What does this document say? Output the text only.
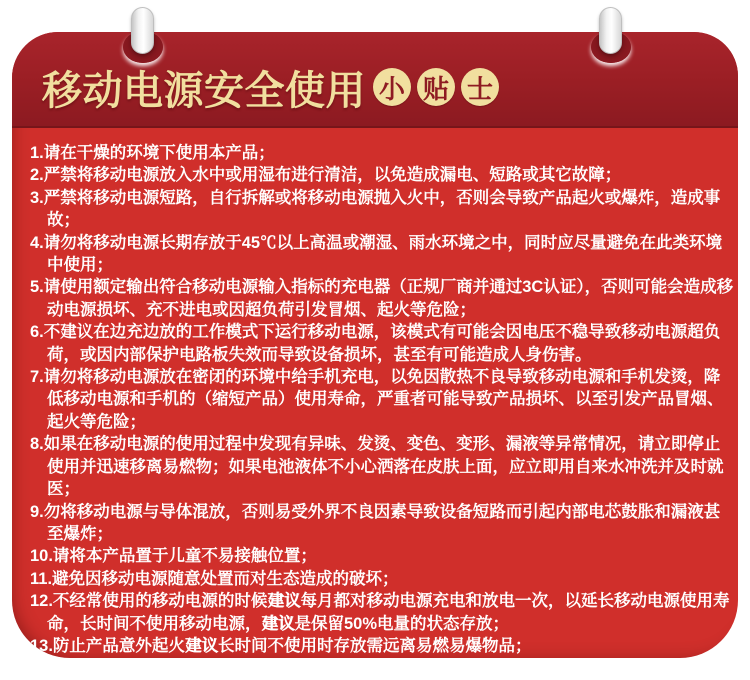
移动电源安全使用 小 贴 士
1.请在干燥的环境下使用本产品；
2.严禁将移动电源放入水中或用湿布进行清洁，以免造成漏电、短路或其它故障；
3.严禁将移动电源短路，自行拆解或将移动电源抛入火中，否则会导致产品起火或爆炸，造成事故；
4.请勿将移动电源长期存放于45℃以上高温或潮湿、雨水环境之中，同时应尽量避免在此类环境中使用；
5.请使用额定输出符合移动电源输入指标的充电器（正规厂商并通过3C认证），否则可能会造成移动电源损坏、充不进电或因超负荷引发冒烟、起火等危险；
6.不建议在边充边放的工作模式下运行移动电源，该模式有可能会因电压不稳导致移动电源超负荷，或因内部保护电路板失效而导致设备损坏，甚至有可能造成人身伤害。
7.请勿将移动电源放在密闭的环境中给手机充电，以免因散热不良导致移动电源和手机发烫，降低移动电源和手机的（缩短产品）使用寿命，严重者可能导致产品损坏、以至引发产品冒烟、起火等危险；
8.如果在移动电源的使用过程中发现有异味、发烫、变色、变形、漏液等异常情况，请立即停止使用并迅速移离易燃物；如果电池液体不小心洒落在皮肤上面，应立即用自来水冲洗并及时就医；
9.勿将移动电源与导体混放，否则易受外界不良因素导致设备短路而引起内部电芯鼓胀和漏液甚至爆炸；
10.请将本产品置于儿童不易接触位置；
11.避免因移动电源随意处置而对生态造成的破坏；
12.不经常使用的移动电源的时候建议每月都对移动电源充电和放电一次，以延长移动电源使用寿命，长时间不使用移动电源，建议是保留50%电量的状态存放；
13.防止产品意外起火建议长时间不使用时存放需远离易燃易爆物品；
14.严禁重物挤/压移动电源以免导致损坏或爆炸、漏液等其他危险；
